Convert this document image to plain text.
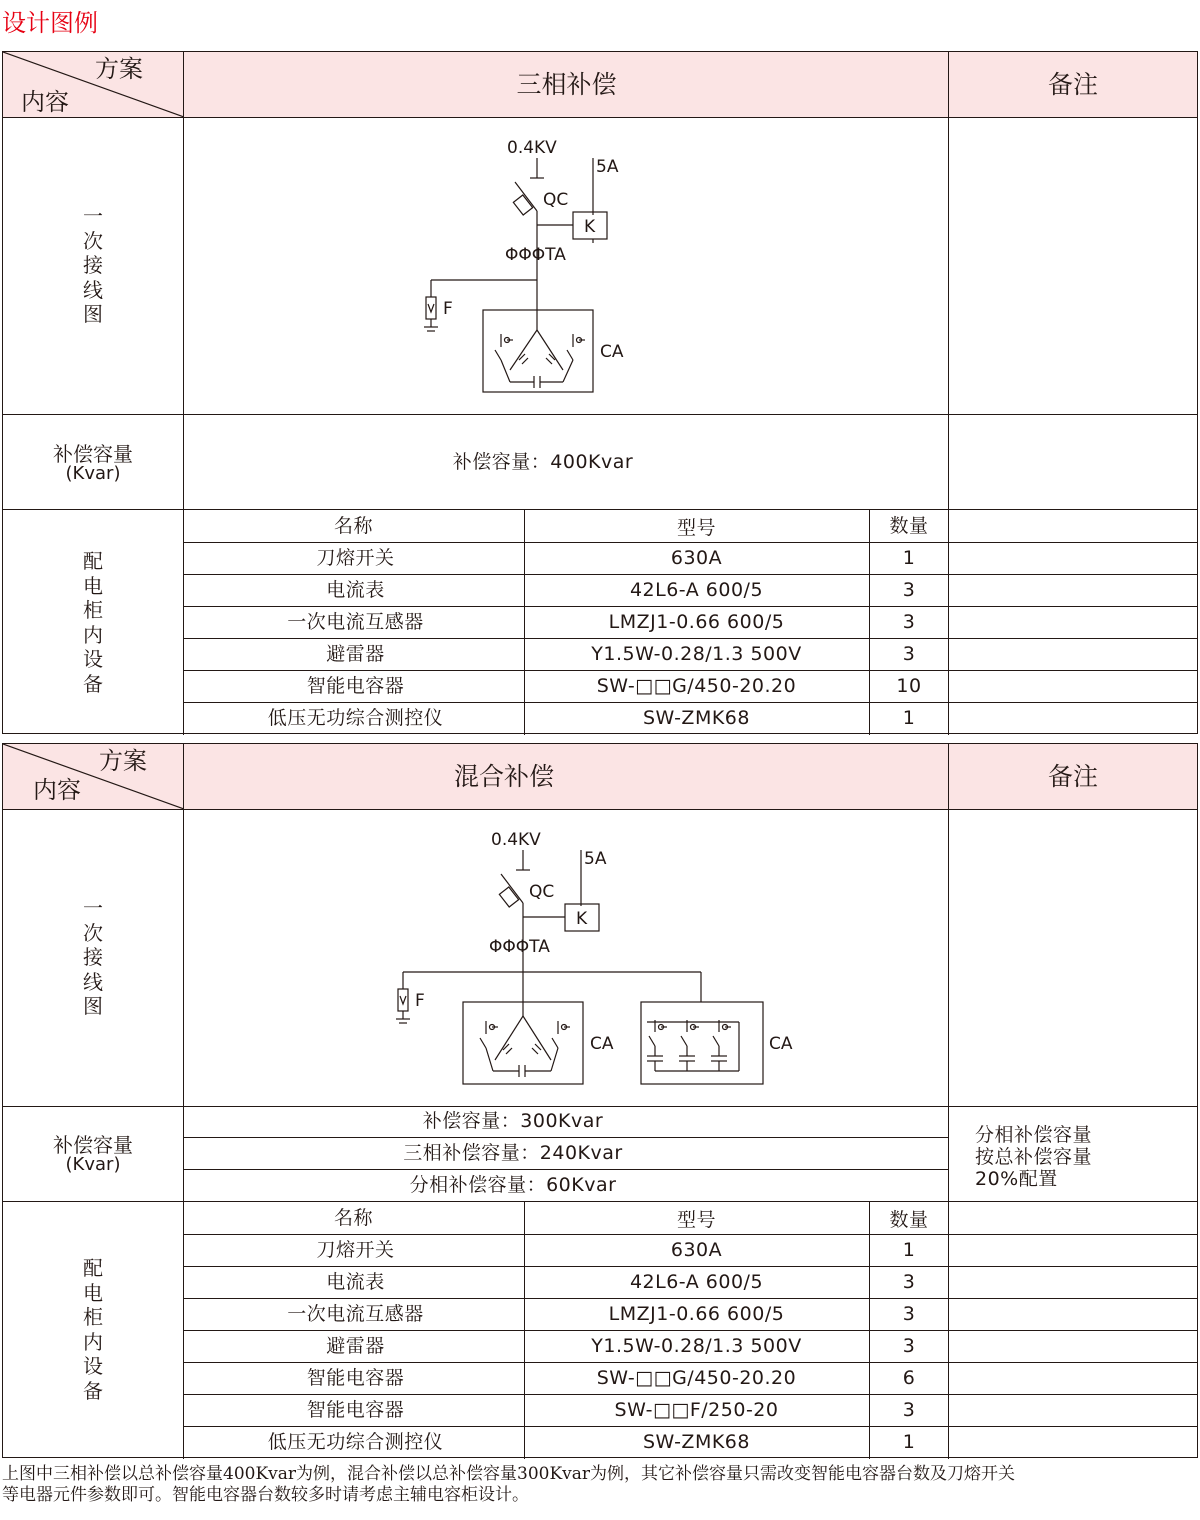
设计图例
方案
内容
三相补偿	备注
一
次
接
线
图
0.4KV
5A
QC
K
ΦΦΦTA
F
CA
补偿容量
(Kvar)
补偿容量：400Kvar
配
电
柜
内
设
备
名称	型号	数量
刀熔开关	630A	1
电流表	42L6-A 600/5	3
一次电流互感器	LMZJ1-0.66 600/5	3
避雷器	Y1.5W-0.28/1.3 500V	3
智能电容器	SW-□□G/450-20.20	10
低压无功综合测控仪	SW-ZMK68	1
方案
内容	混合补偿	备注
一
次
接
线
图
0.4KV
5A
QC
K
ΦΦΦTA
F
CA	CA
补偿容量
(Kvar)
补偿容量：300Kvar
三相补偿容量：240Kvar
分相补偿容量：60Kvar
分相补偿容量
按总补偿容量
20%配置
配
电
柜
内
设
备
名称	型号	数量
刀熔开关	630A	1
电流表	42L6-A 600/5	3
一次电流互感器	LMZJ1-0.66 600/5	3
避雷器	Y1.5W-0.28/1.3 500V	3
智能电容器	SW-□□G/450-20.20	6
智能电容器	SW-□□F/250-20	3
低压无功综合测控仪	SW-ZMK68	1
上图中三相补偿以总补偿容量400Kvar为例，混合补偿以总补偿容量300Kvar为例，其它补偿容量只需改变智能电容器台数及刀熔开关
等电器元件参数即可。智能电容器台数较多时请考虑主辅电容柜设计。
